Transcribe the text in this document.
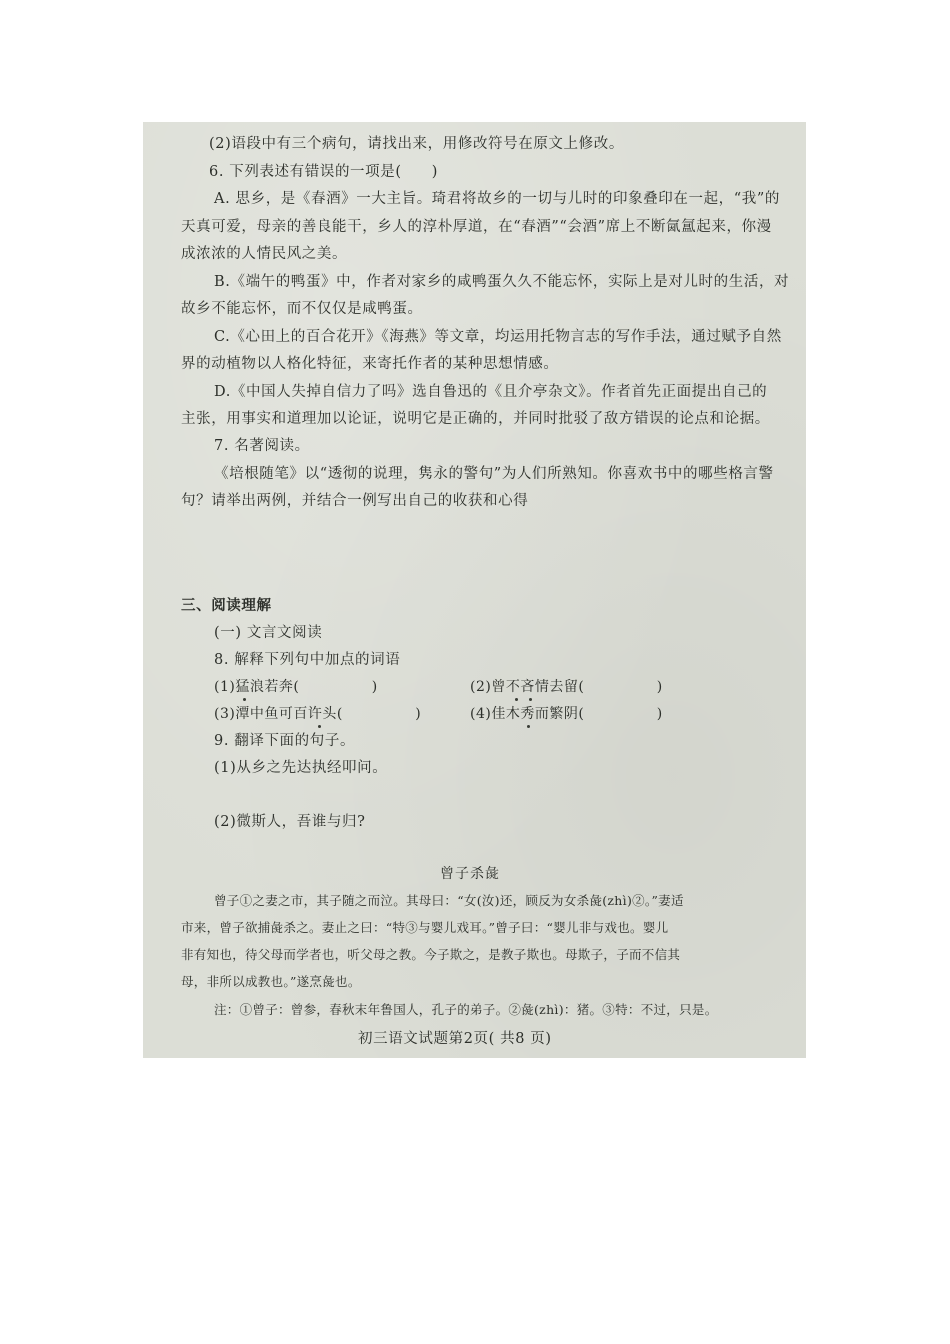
(2)语段中有三个病句，请找出来，用修改符号在原文上修改。
6. 下列表述有错误的一项是(　　)
A. 思乡，是《春酒》一大主旨。琦君将故乡的一切与儿时的印象叠印在一起，“我”的
天真可爱，母亲的善良能干，乡人的淳朴厚道，在“春酒”“会酒”席上不断氤氲起来，你漫
成浓浓的人情民风之美。
B.《端午的鸭蛋》中，作者对家乡的咸鸭蛋久久不能忘怀，实际上是对儿时的生活，对
故乡不能忘怀，而不仅仅是咸鸭蛋。
C.《心田上的百合花开》《海燕》等文章，均运用托物言志的写作手法，通过赋予自然
界的动植物以人格化特征，来寄托作者的某种思想情感。
D.《中国人失掉自信力了吗》选自鲁迅的《且介亭杂文》。作者首先正面提出自己的
主张，用事实和道理加以论证，说明它是正确的，并同时批驳了敌方错误的论点和论据。
7. 名著阅读。
《培根随笔》以“透彻的说理，隽永的警句”为人们所熟知。你喜欢书中的哪些格言警
句？请举出两例，并结合一例写出自己的收获和心得
三、阅读理解
(一) 文言文阅读
8. 解释下列句中加点的词语
(1)猛浪若奔(　　　　　)	(2)曾不吝情去留(　　　　　)
(3)潭中鱼可百许头(　　　　　)	(4)佳木秀而繁阴(　　　　　)
9. 翻译下面的句子。
(1)从乡之先达执经叩问。
(2)微斯人，吾谁与归?
曾子杀彘
曾子①之妻之市，其子随之而泣。其母曰：“女(汝)还，顾反为女杀彘(zhì)②。”妻适
市来，曾子欲捕彘杀之。妻止之曰：“特③与婴儿戏耳。”曾子曰：“婴儿非与戏也。婴儿
非有知也，待父母而学者也，听父母之教。今子欺之，是教子欺也。母欺子，子而不信其
母，非所以成教也。”遂烹彘也。
注：①曾子：曾参，春秋末年鲁国人，孔子的弟子。②彘(zhì)：猪。③特：不过，只是。
初三语文试题第2页( 共8 页)
